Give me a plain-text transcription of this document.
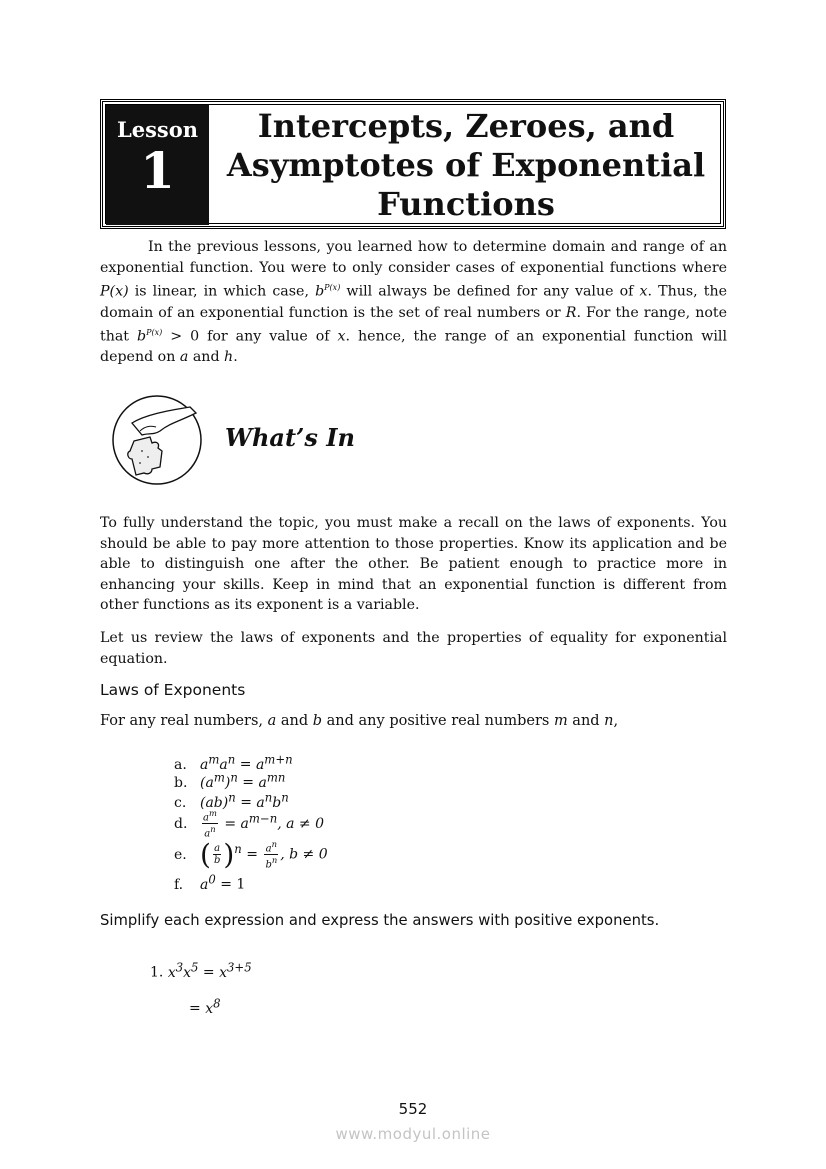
Lesson
1
Intercepts, Zeroes, and
Asymptotes of Exponential
Functions

In the previous lessons, you learned how to determine domain and range of an exponential function. You were to only consider cases of exponential functions where P(x) is linear, in which case, $b^{P(x)}$ will always be defined for any value of x. Thus, the domain of an exponential function is the set of real numbers or R. For the range, note that $b^{P(x)} > 0$ for any value of x. hence, the range of an exponential function will depend on a and h.

What’s In

To fully understand the topic, you must make a recall on the laws of exponents. You should be able to pay more attention to those properties. Know its application and be able to distinguish one after the other. Be patient enough to practice more in enhancing your skills. Keep in mind that an exponential function is different from other functions as its exponent is a variable.

Let us review the laws of exponents and the properties of equality for exponential equation.

Laws of Exponents
For any real numbers, a and b and any positive real numbers m and n,
a. $a^ma^n = a^{m+n}$
b. $(a^m)^n = a^{mn}$
c. $(ab)^n = a^nb^n$
d. $\frac{a^m}{a^n} = a^{m-n}$, a ≠ 0
e. ( $\frac{a}{b} )^n = \frac{a^n}{b^n}$ , b ≠ 0
f. $a^0 = 1$
Simplify each expression and express the answers with positive exponents.
1. $x^3x^5 = x^{3+5}$
= $x^8$
552
www.modyul.online
